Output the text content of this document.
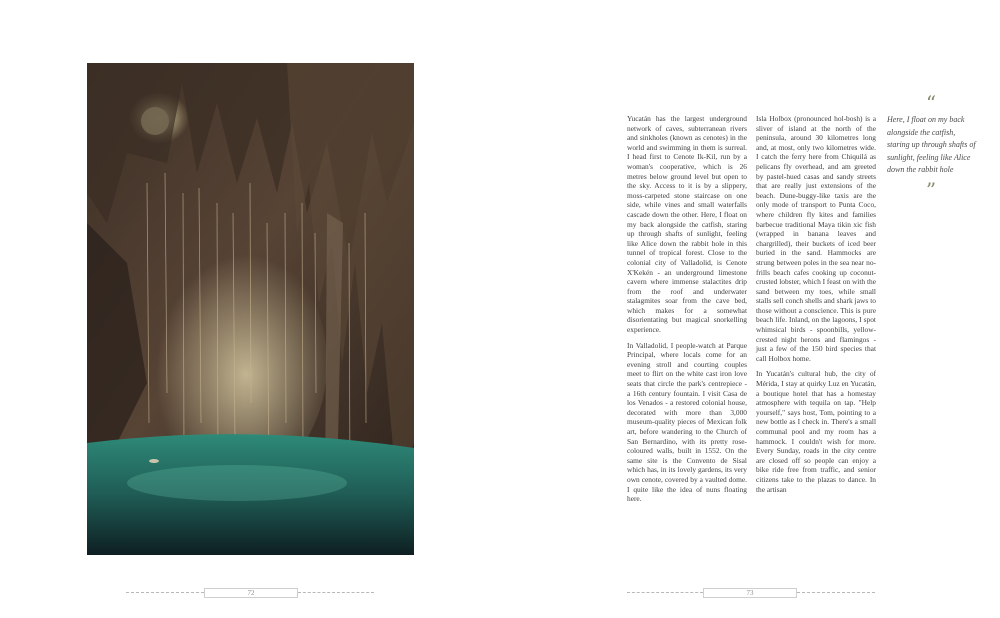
Yucatán has the largest underground network of caves, subterranean rivers and sinkholes (known as cenotes) in the world and swimming in them is surreal. I head first to Cenote Ik-Kil, run by a woman's cooperative, which is 26 metres below ground level but open to the sky. Access to it is by a slippery, moss-carpeted stone staircase on one side, while vines and small waterfalls cascade down the other. Here, I float on my back alongside the catfish, staring up through shafts of sunlight, feeling like Alice down the rabbit hole in this tunnel of tropical forest. Close to the colonial city of Valladolid, is Cenote X'Kekén - an underground limestone cavern where immense stalactites drip from the roof and underwater stalagmites soar from the cave bed, which makes for a somewhat disorientating but magical snorkelling experience.

In Valladolid, I people-watch at Parque Principal, where locals come for an evening stroll and courting couples meet to flirt on the white cast iron love seats that circle the park's centrepiece - a 16th century fountain. I visit Casa de los Venados - a restored colonial house, decorated with more than 3,000 museum-quality pieces of Mexican folk art, before wandering to the Church of San Bernardino, with its pretty rose-coloured walls, built in 1552. On the same site is the Convento de Sisal which has, in its lovely gardens, its very own cenote, covered by a vaulted dome. I quite like the idea of nuns floating here.

Isla Holbox (pronounced hol-bosh) is a sliver of island at the north of the peninsula, around 30 kilometres long and, at most, only two kilometres wide. I catch the ferry here from Chiquilá as pelicans fly overhead, and am greeted by pastel-hued casas and sandy streets that are really just extensions of the beach. Dune-buggy-like taxis are the only mode of transport to Punta Coco, where children fly kites and families barbecue traditional Maya tikin xic fish (wrapped in banana leaves and chargrilled), their buckets of iced beer buried in the sand. Hammocks are strung between poles in the sea near no-frills beach cafes cooking up coconut-crusted lobster, which I feast on with the sand between my toes, while small stalls sell conch shells and shark jaws to those without a conscience. This is pure beach life. Inland, on the lagoons, I spot whimsical birds - spoonbills, yellow-crested night herons and flamingos - just a few of the 150 bird species that call Holbox home.

In Yucatán's cultural hub, the city of Mérida, I stay at quirky Luz en Yucatán, a boutique hotel that has a homestay atmosphere with tequila on tap. "Help yourself," says host, Tom, pointing to a new bottle as I check in. There's a small communal pool and my room has a hammock. I couldn't wish for more. Every Sunday, roads in the city centre are closed off so people can enjoy a bike ride free from traffic, and senior citizens take to the plazas to dance. In the artisan

“
Here, I float on my back alongside the catfish, staring up through shafts of sunlight, feeling like Alice down the rabbit hole
”
72	73
